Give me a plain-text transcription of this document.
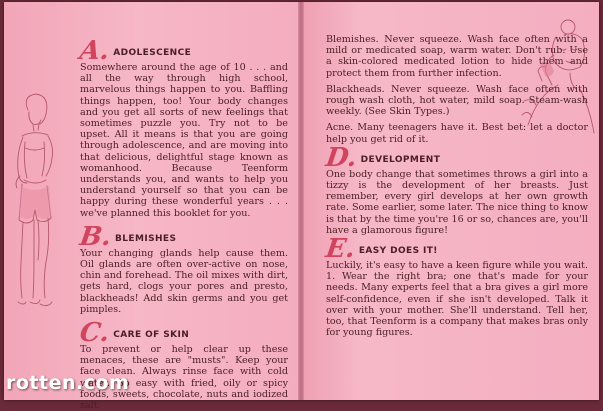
A. ADOLESCENCE

Somewhere around the age of 10 . . . and all the way through high school, marvelous things happen to you. Baffling things happen, too! Your body changes and you get all sorts of new feelings that sometimes puzzle you. Try not to be upset. All it means is that you are going through adolescence, and are moving into that delicious, delightful stage known as womanhood. Because Teenform understands you, and wants to help you understand yourself so that you can be happy during these wonderful years . . . we've planned this booklet for you.

B. BLEMISHES

Your changing glands help cause them. Oil glands are often over-active on nose, chin and forehead. The oil mixes with dirt, gets hard, clogs your pores and presto, blackheads! Add skin germs and you get pimples.

C. CARE OF SKIN

To prevent or help clear up these menaces, these are "musts". Keep your face clean. Always rinse face with cold water. Go easy with fried, oily or spicy foods, sweets, chocolate, nuts and iodized salt.

Blemishes. Never squeeze. Wash face often with a mild or medicated soap, warm water. Don't rub. Use a skin-colored medicated lotion to hide them and protect them from further infection.

Blackheads. Never squeeze. Wash face often with rough wash cloth, hot water, mild soap. Steam-wash weekly. (See Skin Types.)

Acne. Many teenagers have it. Best bet: let a doctor help you get rid of it.

D. DEVELOPMENT

One body change that sometimes throws a girl into a tizzy is the development of her breasts. Just remember, every girl develops at her own growth rate. Some earlier, some later. The nice thing to know is that by the time you're 16 or so, chances are, you'll have a glamorous figure!

E. EASY DOES IT!

Luckily, it's easy to have a keen figure while you wait.

1. Wear the right bra; one that's made for your needs. Many experts feel that a bra gives a girl more self-confidence, even if she isn't developed. Talk it over with your mother. She'll understand. Tell her, too, that Teenform is a company that makes bras only for young figures.

rotten.com
